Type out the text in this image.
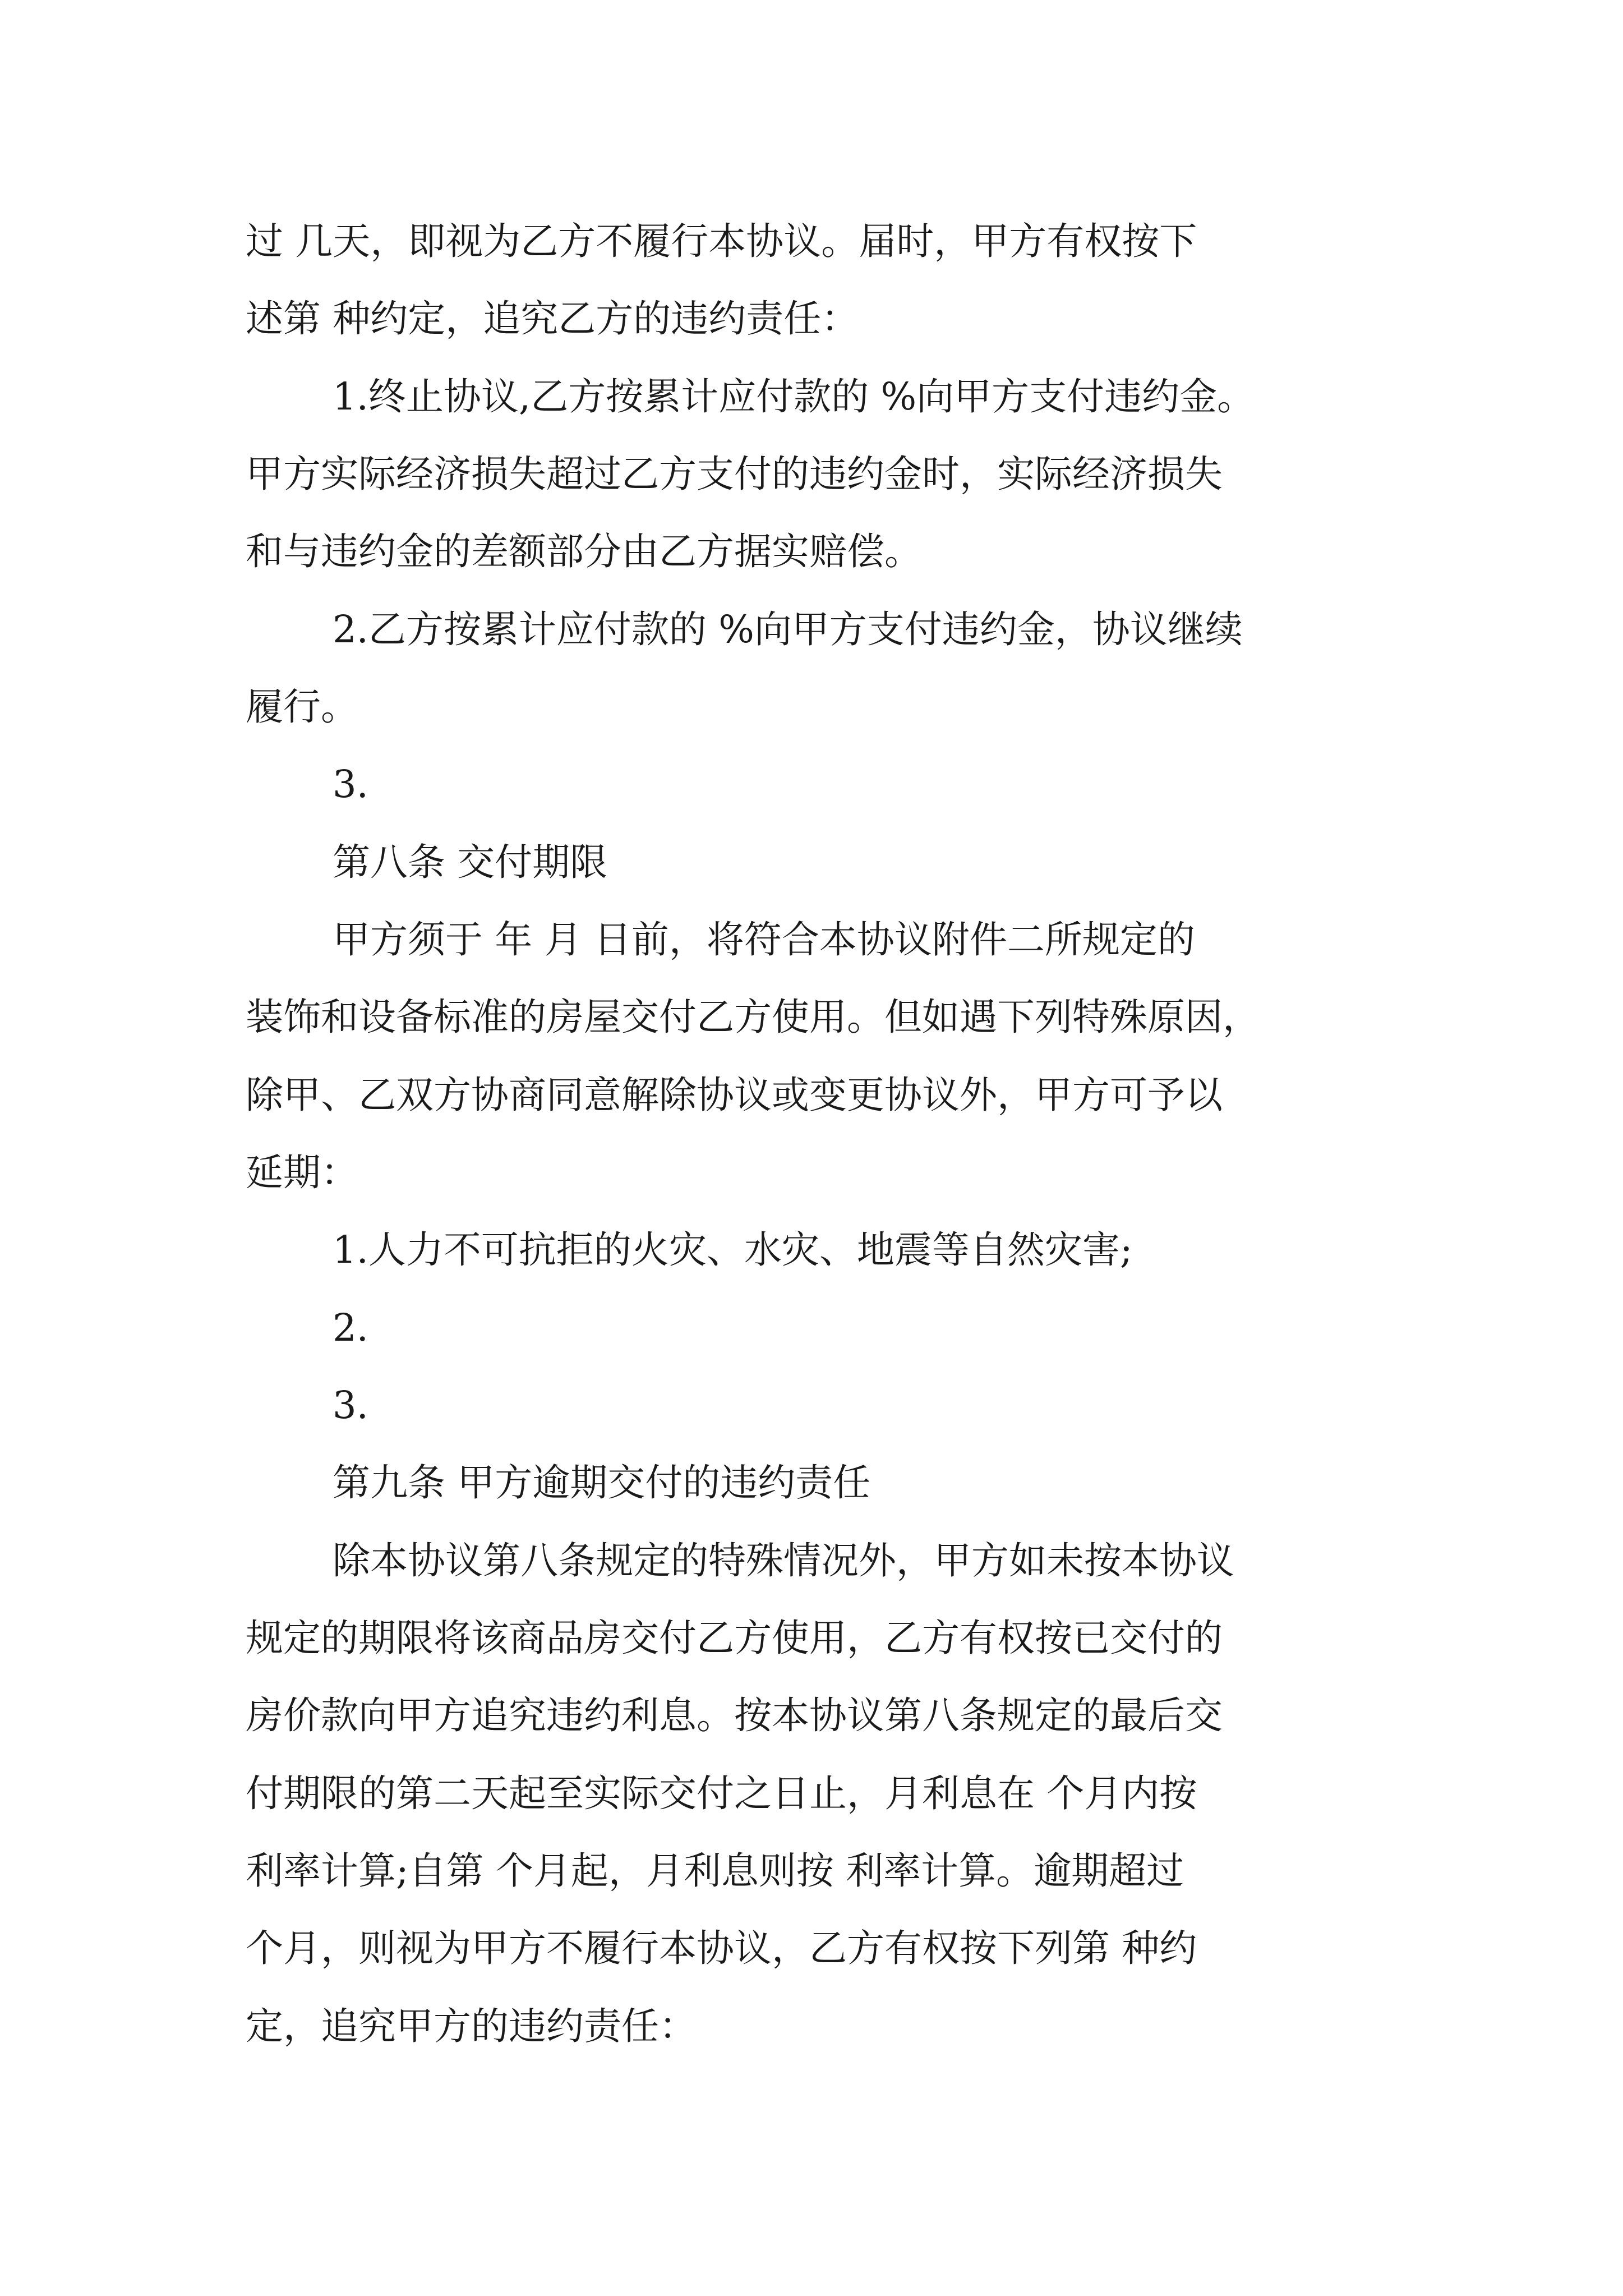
过 几天，即视为乙方不履行本协议。届时，甲方有权按下
述第 种约定，追究乙方的违约责任：
1.终止协议,乙方按累计应付款的 %向甲方支付违约金。
甲方实际经济损失超过乙方支付的违约金时，实际经济损失
和与违约金的差额部分由乙方据实赔偿。
2.乙方按累计应付款的 %向甲方支付违约金，协议继续
履行。
3.
第八条 交付期限
甲方须于 年 月 日前，将符合本协议附件二所规定的
装饰和设备标准的房屋交付乙方使用。但如遇下列特殊原因，
除甲、乙双方协商同意解除协议或变更协议外，甲方可予以
延期：
1.人力不可抗拒的火灾、水灾、地震等自然灾害;
2.
3.
第九条 甲方逾期交付的违约责任
除本协议第八条规定的特殊情况外，甲方如未按本协议
规定的期限将该商品房交付乙方使用，乙方有权按已交付的
房价款向甲方追究违约利息。按本协议第八条规定的最后交
付期限的第二天起至实际交付之日止，月利息在 个月内按
利率计算;自第 个月起，月利息则按 利率计算。逾期超过
个月，则视为甲方不履行本协议，乙方有权按下列第 种约
定，追究甲方的违约责任：
